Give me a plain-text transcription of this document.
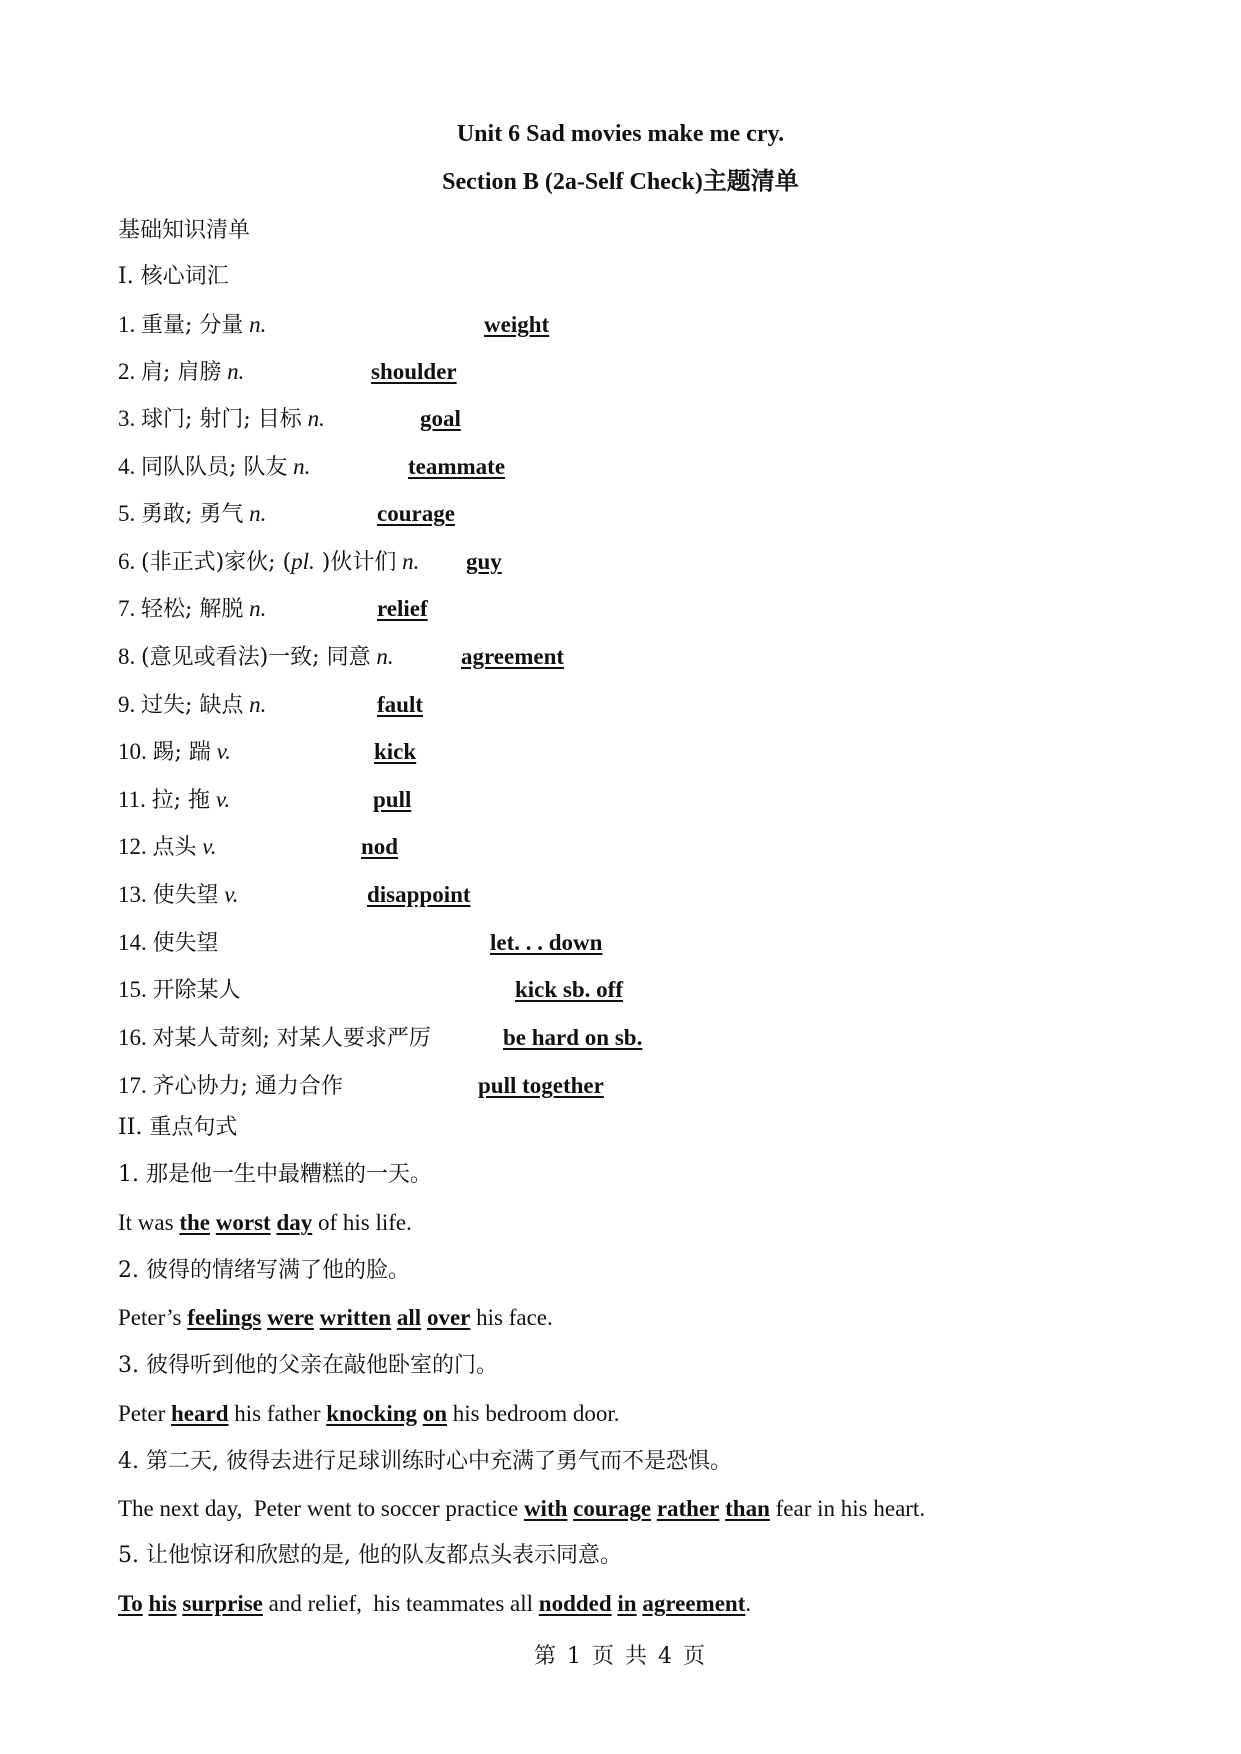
Unit 6 Sad movies make me cry.
Section B (2a-Self Check)主题清单
基础知识清单
I. 核心词汇
1. 重量; 分量 n.	weight
2. 肩; 肩膀 n.	shoulder
3. 球门; 射门; 目标 n.	goal
4. 同队队员; 队友 n.	teammate
5. 勇敢; 勇气 n.	courage
6. (非正式)家伙; (pl. )伙计们 n. guy
7. 轻松; 解脱 n.	relief
8. (意见或看法)一致; 同意 n.	agreement
9. 过失; 缺点 n.	fault
10. 踢; 踹 v.	kick
11. 拉; 拖 v.	pull
12. 点头 v.	nod
13. 使失望 v.	disappoint
14. 使失望	let. . . down
15. 开除某人	kick sb. off
16. 对某人苛刻; 对某人要求严厉	be hard on sb.
17. 齐心协力; 通力合作	pull together
II. 重点句式
1. 那是他一生中最糟糕的一天。
It was the worst day of his life.
2. 彼得的情绪写满了他的脸。
Peter’s feelings were written all over his face.
3. 彼得听到他的父亲在敲他卧室的门。
Peter heard his father knocking on his bedroom door.
4. 第二天, 彼得去进行足球训练时心中充满了勇气而不是恐惧。
The next day,  Peter went to soccer practice with courage rather than fear in his heart.
5. 让他惊讶和欣慰的是, 他的队友都点头表示同意。
To his surprise and relief,  his teammates all nodded in agreement.
第 1 页 共 4 页
